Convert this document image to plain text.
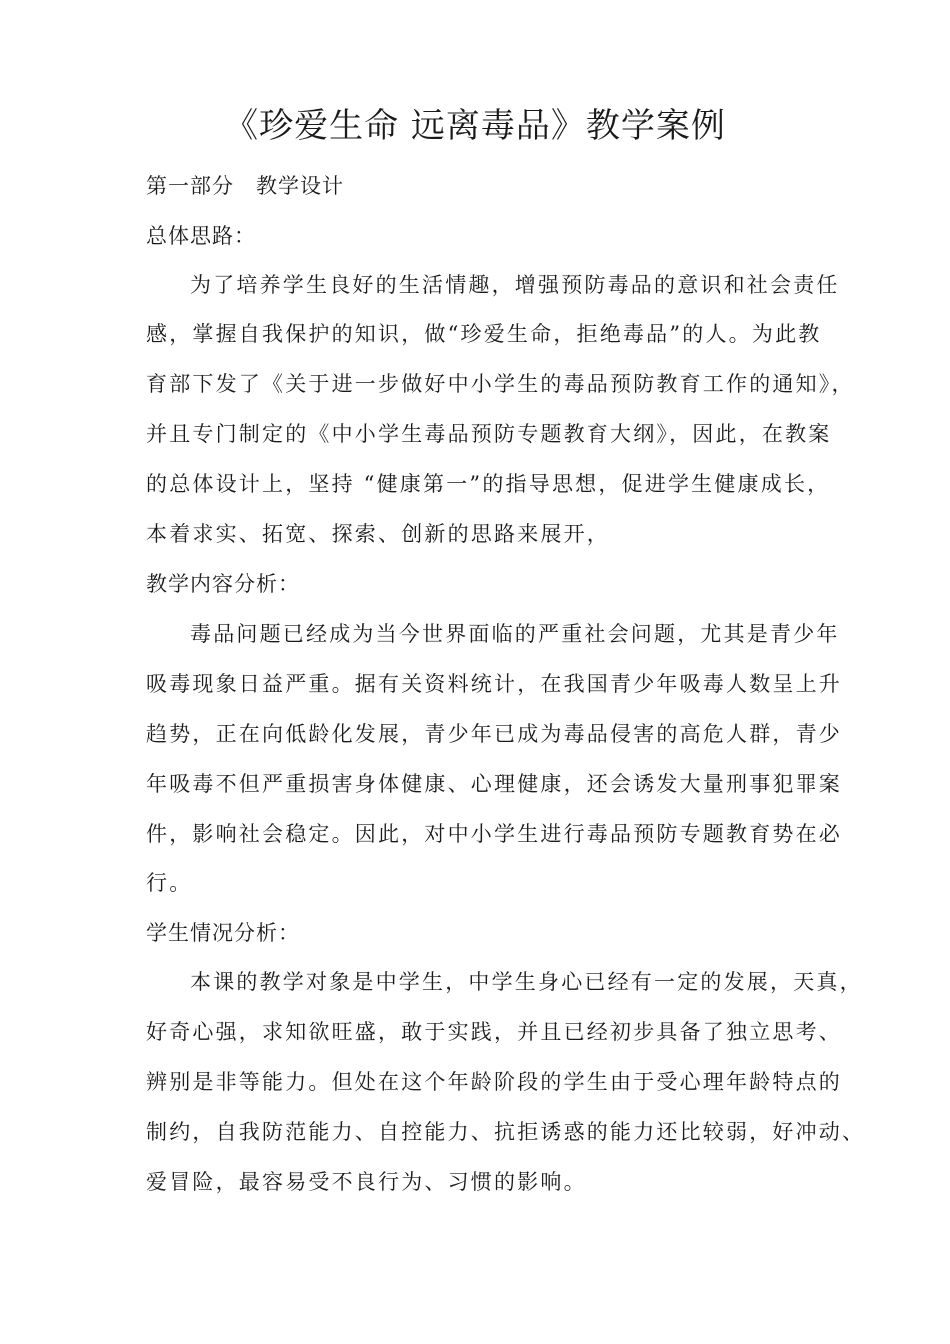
《珍爱生命 远离毒品》教学案例

第一部分　教学设计

总体思路：

为了培养学生良好的生活情趣，增强预防毒品的意识和社会责任

感，掌握自我保护的知识，做“珍爱生命，拒绝毒品”的人。为此教

育部下发了《关于进一步做好中小学生的毒品预防教育工作的通知》，

并且专门制定的《中小学生毒品预防专题教育大纲》，因此，在教案

的总体设计上，坚持 “健康第一”的指导思想，促进学生健康成长，

本着求实、拓宽、探索、创新的思路来展开，

教学内容分析：

毒品问题已经成为当今世界面临的严重社会问题，尤其是青少年

吸毒现象日益严重。据有关资料统计，在我国青少年吸毒人数呈上升

趋势，正在向低龄化发展，青少年已成为毒品侵害的高危人群，青少

年吸毒不但严重损害身体健康、心理健康，还会诱发大量刑事犯罪案

件，影响社会稳定。因此，对中小学生进行毒品预防专题教育势在必

行。

学生情况分析：

本课的教学对象是中学生，中学生身心已经有一定的发展，天真，

好奇心强，求知欲旺盛，敢于实践，并且已经初步具备了独立思考、

辨别是非等能力。但处在这个年龄阶段的学生由于受心理年龄特点的

制约，自我防范能力、自控能力、抗拒诱惑的能力还比较弱，好冲动、

爱冒险，最容易受不良行为、习惯的影响。
